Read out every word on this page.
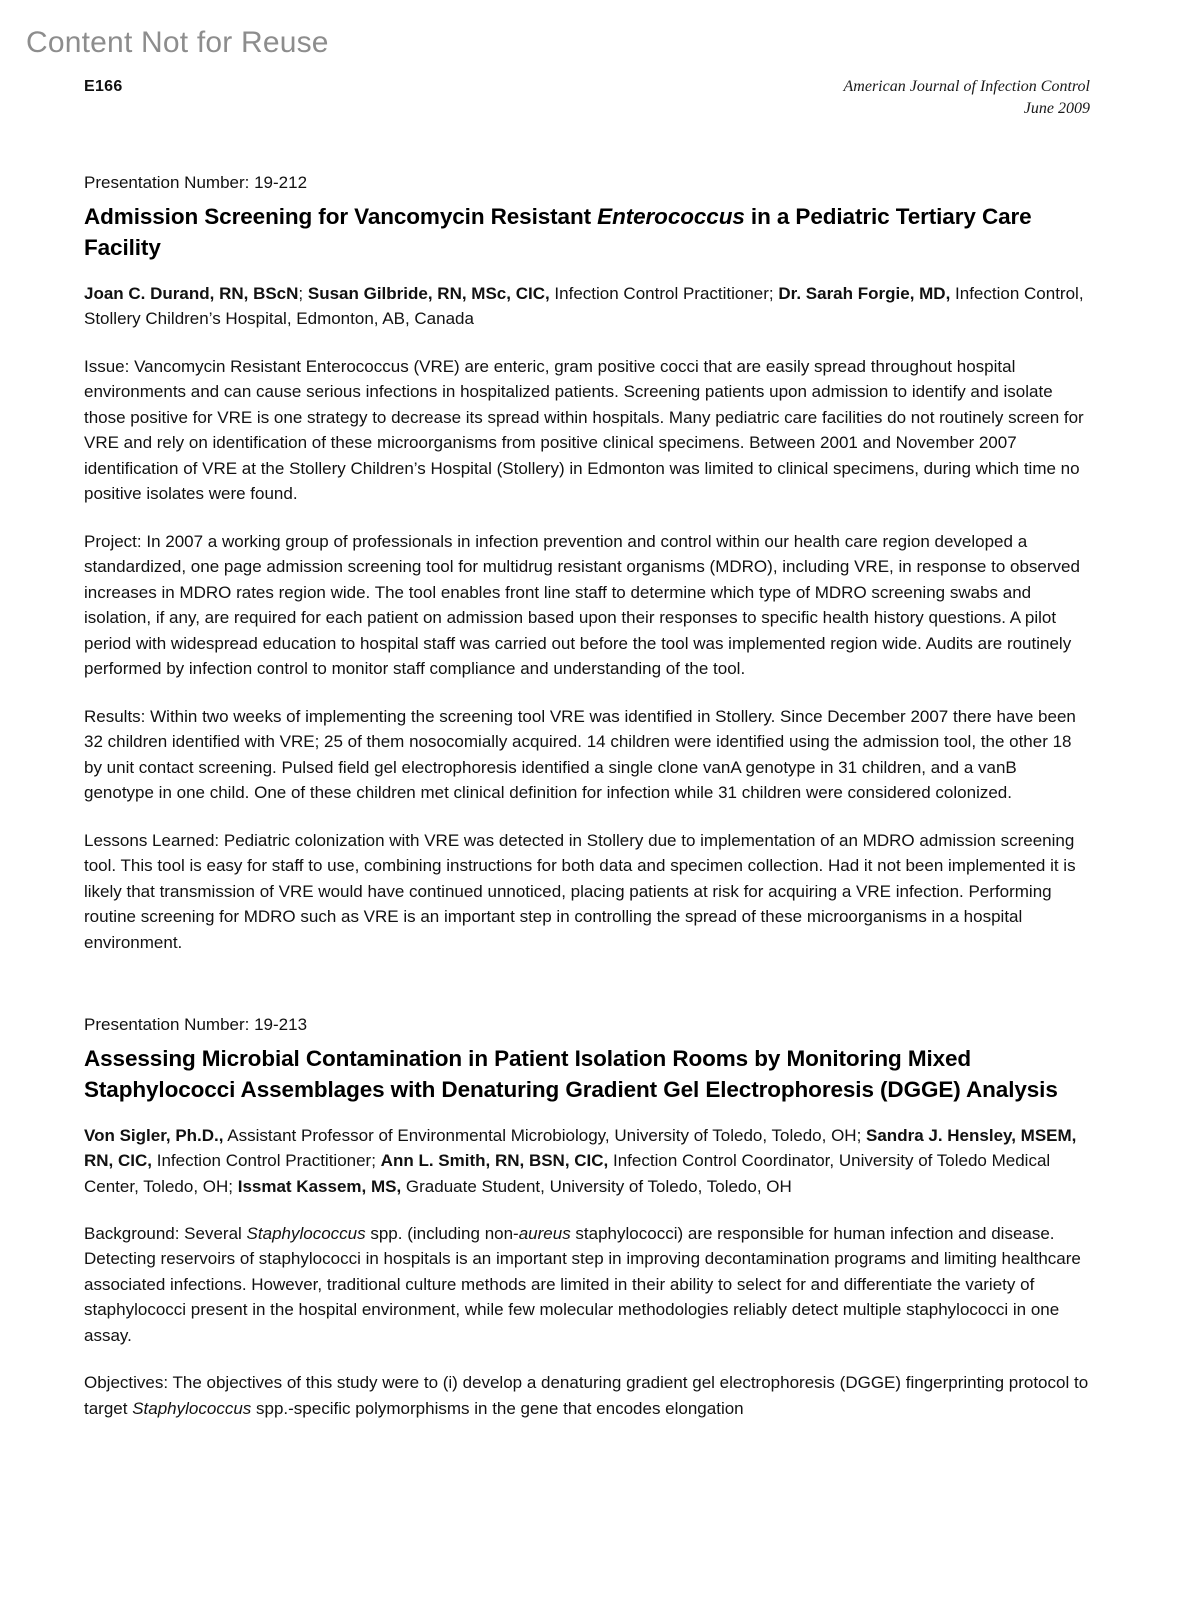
Content Not for Reuse
E166	American Journal of Infection Control
June 2009
Presentation Number: 19-212
Admission Screening for Vancomycin Resistant Enterococcus in a Pediatric Tertiary Care Facility
Joan C. Durand, RN, BScN; Susan Gilbride, RN, MSc, CIC, Infection Control Practitioner; Dr. Sarah Forgie, MD, Infection Control, Stollery Children’s Hospital, Edmonton, AB, Canada

Issue: Vancomycin Resistant Enterococcus (VRE) are enteric, gram positive cocci that are easily spread throughout hospital environments and can cause serious infections in hospitalized patients. Screening patients upon admission to identify and isolate those positive for VRE is one strategy to decrease its spread within hospitals. Many pediatric care facilities do not routinely screen for VRE and rely on identification of these microorganisms from positive clinical specimens. Between 2001 and November 2007 identification of VRE at the Stollery Children’s Hospital (Stollery) in Edmonton was limited to clinical specimens, during which time no positive isolates were found.

Project: In 2007 a working group of professionals in infection prevention and control within our health care region developed a standardized, one page admission screening tool for multidrug resistant organisms (MDRO), including VRE, in response to observed increases in MDRO rates region wide. The tool enables front line staff to determine which type of MDRO screening swabs and isolation, if any, are required for each patient on admission based upon their responses to specific health history questions. A pilot period with widespread education to hospital staff was carried out before the tool was implemented region wide. Audits are routinely performed by infection control to monitor staff compliance and understanding of the tool.

Results: Within two weeks of implementing the screening tool VRE was identified in Stollery. Since December 2007 there have been 32 children identified with VRE; 25 of them nosocomially acquired. 14 children were identified using the admission tool, the other 18 by unit contact screening. Pulsed field gel electrophoresis identified a single clone vanA genotype in 31 children, and a vanB genotype in one child. One of these children met clinical definition for infection while 31 children were considered colonized.

Lessons Learned: Pediatric colonization with VRE was detected in Stollery due to implementation of an MDRO admission screening tool. This tool is easy for staff to use, combining instructions for both data and specimen collection. Had it not been implemented it is likely that transmission of VRE would have continued unnoticed, placing patients at risk for acquiring a VRE infection. Performing routine screening for MDRO such as VRE is an important step in controlling the spread of these microorganisms in a hospital environment.

Presentation Number: 19-213
Assessing Microbial Contamination in Patient Isolation Rooms by Monitoring Mixed Staphylococci Assemblages with Denaturing Gradient Gel Electrophoresis (DGGE) Analysis
Von Sigler, Ph.D., Assistant Professor of Environmental Microbiology, University of Toledo, Toledo, OH; Sandra J. Hensley, MSEM, RN, CIC, Infection Control Practitioner; Ann L. Smith, RN, BSN, CIC, Infection Control Coordinator, University of Toledo Medical Center, Toledo, OH; Issmat Kassem, MS, Graduate Student, University of Toledo, Toledo, OH

Background: Several Staphylococcus spp. (including non-aureus staphylococci) are responsible for human infection and disease. Detecting reservoirs of staphylococci in hospitals is an important step in improving decontamination programs and limiting healthcare associated infections. However, traditional culture methods are limited in their ability to select for and differentiate the variety of staphylococci present in the hospital environment, while few molecular methodologies reliably detect multiple staphylococci in one assay.

Objectives: The objectives of this study were to (i) develop a denaturing gradient gel electrophoresis (DGGE) fingerprinting protocol to target Staphylococcus spp.-specific polymorphisms in the gene that encodes elongation
